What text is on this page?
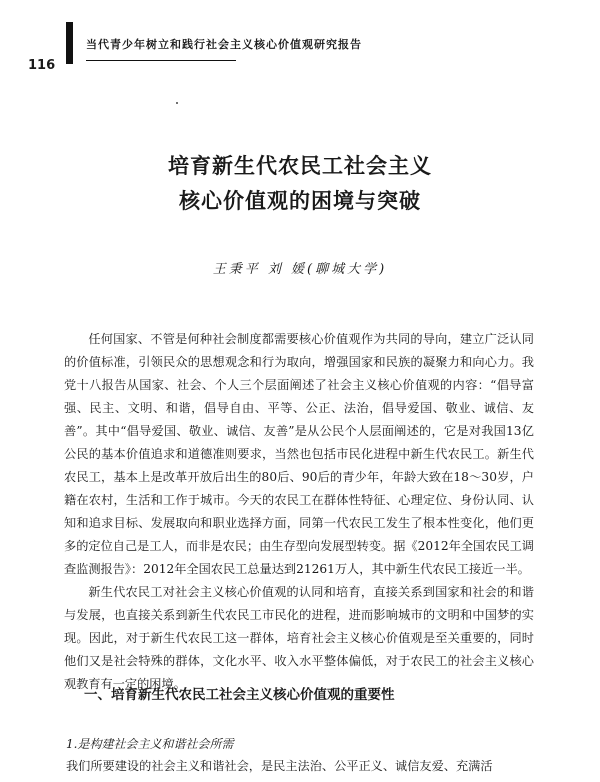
当代青少年树立和践行社会主义核心价值观研究报告
116
培育新生代农民工社会主义
核心价值观的困境与突破
王秉平 刘 媛(聊城大学)

任何国家、不管是何种社会制度都需要核心价值观作为共同的导向，建立广泛认同的价值标准，引领民众的思想观念和行为取向，增强国家和民族的凝聚力和向心力。我党十八报告从国家、社会、个人三个层面阐述了社会主义核心价值观的内容：“倡导富强、民主、文明、和谐，倡导自由、平等、公正、法治，倡导爱国、敬业、诚信、友善”。其中“倡导爱国、敬业、诚信、友善”是从公民个人层面阐述的，它是对我国13亿公民的基本价值追求和道德准则要求，当然也包括市民化进程中新生代农民工。新生代农民工，基本上是改革开放后出生的80后、90后的青少年，年龄大致在18～30岁，户籍在农村，生活和工作于城市。今天的农民工在群体性特征、心理定位、身份认同、认知和追求目标、发展取向和职业选择方面，同第一代农民工发生了根本性变化，他们更多的定位自己是工人，而非是农民；由生存型向发展型转变。据《2012年全国农民工调查监测报告》：2012年全国农民工总量达到21261万人，其中新生代农民工接近一半。

新生代农民工对社会主义核心价值观的认同和培育，直接关系到国家和社会的和谐与发展，也直接关系到新生代农民工市民化的进程，进而影响城市的文明和中国梦的实现。因此，对于新生代农民工这一群体，培育社会主义核心价值观是至关重要的，同时他们又是社会特殊的群体，文化水平、收入水平整体偏低，对于农民工的社会主义核心观教育有一定的困境。

一、培育新生代农民工社会主义核心价值观的重要性
1.是构建社会主义和谐社会所需
我们所要建设的社会主义和谐社会，是民主法治、公平正义、诚信友爱、充满活
